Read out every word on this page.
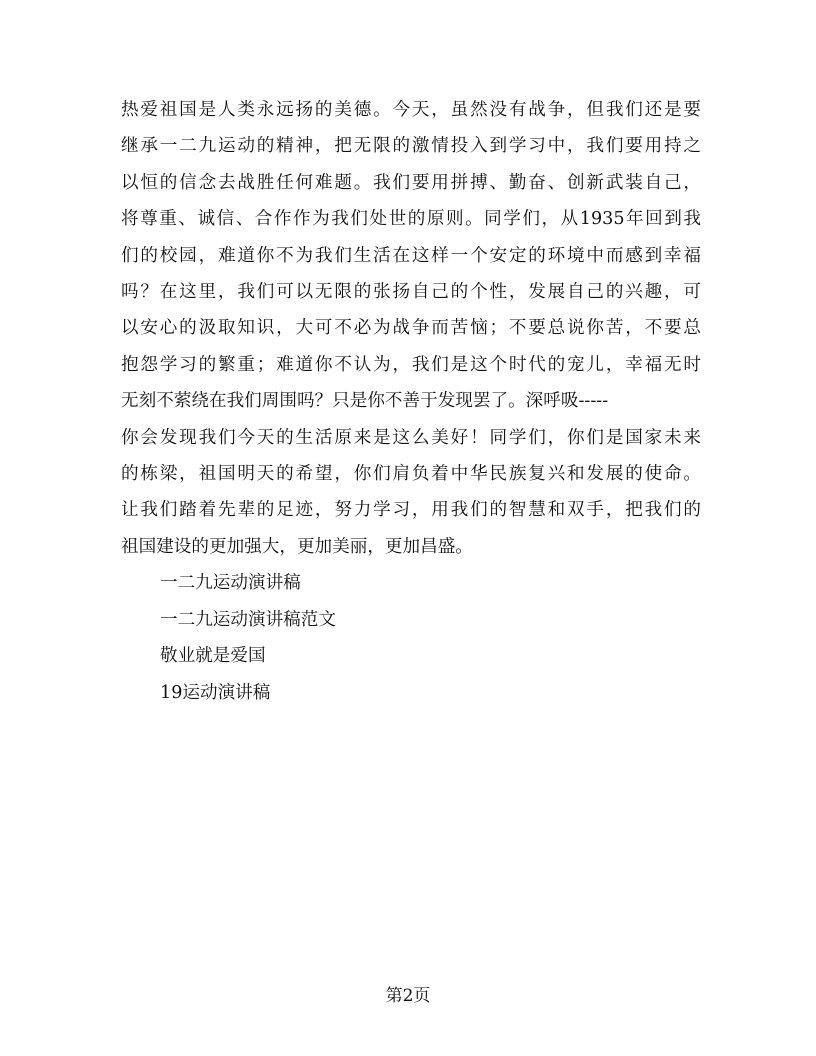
热爱祖国是人类永远扬的美德。今天，虽然没有战争，但我们还是要
继承一二九运动的精神，把无限的激情投入到学习中，我们要用持之
以恒的信念去战胜任何难题。我们要用拼搏、勤奋、创新武装自己，
将尊重、诚信、合作作为我们处世的原则。同学们，从1935年回到我
们的校园，难道你不为我们生活在这样一个安定的环境中而感到幸福
吗？在这里，我们可以无限的张扬自己的个性，发展自己的兴趣，可
以安心的汲取知识，大可不必为战争而苦恼；不要总说你苦，不要总
抱怨学习的繁重；难道你不认为，我们是这个时代的宠儿，幸福无时
无刻不萦绕在我们周围吗？只是你不善于发现罢了。深呼吸-----
你会发现我们今天的生活原来是这么美好！同学们，你们是国家未来
的栋梁，祖国明天的希望，你们肩负着中华民族复兴和发展的使命。
让我们踏着先辈的足迹，努力学习，用我们的智慧和双手，把我们的
祖国建设的更加强大，更加美丽，更加昌盛。
一二九运动演讲稿
一二九运动演讲稿范文
敬业就是爱国
19运动演讲稿
第2页
